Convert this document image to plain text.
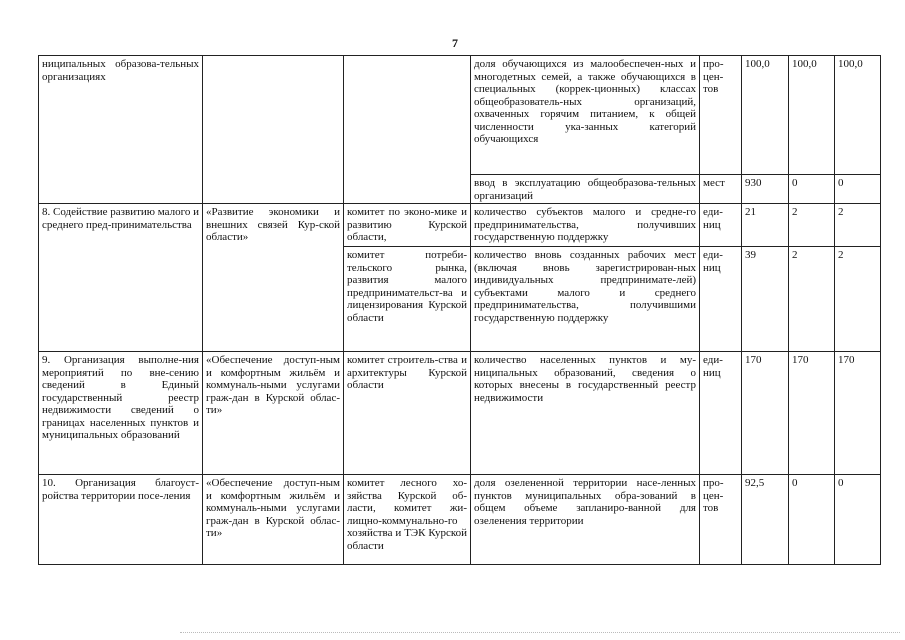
7
ниципальных образова-тельных организациях			доля обучающихся из малообеспечен-ных и многодетных семей, а также обучающихся в специальных (коррек-ционных) классах общеобразователь-ных организаций, охваченных горячим питанием, к общей численности ука-занных категорий обучающихся	про-цен-тов	100,0	100,0	100,0
			ввод в эксплуатацию общеобразова-тельных организаций	мест	930	0	0
8. Содействие развитию малого и среднего пред-принимательства	«Развитие экономики и внешних связей Кур-ской области»	комитет по эконо-мике и развитию Курской области,	количество субъектов малого и средне-го предпринимательства, получивших государственную поддержку	еди-ниц	21	2	2
		комитет потреби-тельского рынка, развития малого предпринимательст-ва и лицензирования Курской области	количество вновь созданных рабочих мест (включая вновь зарегистрирован-ных индивидуальных предпринимате-лей) субъектами малого и среднего предпринимательства, получившими государственную поддержку	еди-ниц	39	2	2
9. Организация выполне-ния мероприятий по вне-сению сведений в Единый государственный реестр недвижимости сведений о границах населенных пунктов и муниципальных образований	«Обеспечение доступ-ным и комфортным жильём и коммуналь-ными услугами граж-дан в Курской облас-ти»	комитет строитель-ства и архитектуры Курской области	количество населенных пунктов и му-ниципальных образований, сведения о которых внесены в государственный реестр недвижимости	еди-ниц	170	170	170
10. Организация благоуст-ройства территории посе-ления	«Обеспечение доступ-ным и комфортным жильём и коммуналь-ными услугами граж-дан в Курской облас-ти»	комитет лесного хо-зяйства Курской об-ласти, комитет жи-лищно-коммунально-го хозяйства и ТЭК Курской области	доля озелененной территории насе-ленных пунктов муниципальных обра-зований в общем объеме запланиро-ванной для озеленения территории	про-цен-тов	92,5	0	0
